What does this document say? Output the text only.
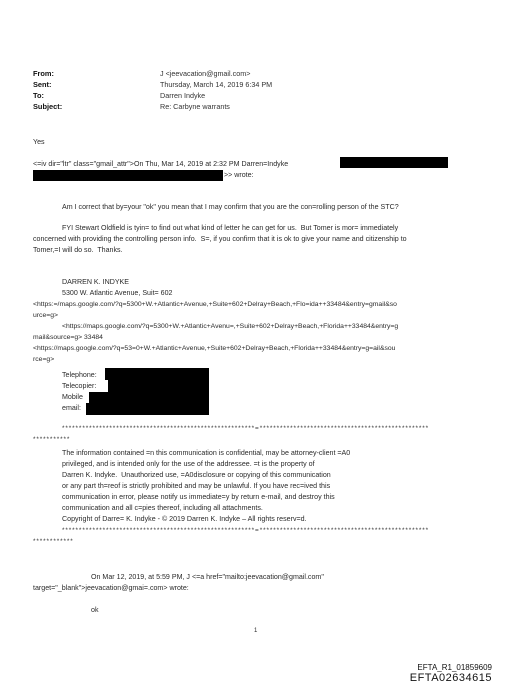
From:	J <jeevacation@gmail.com>
Sent:	Thursday, March 14, 2019 6:34 PM
To:	Darren Indyke
Subject:	Re: Carbyne warrants
Yes
<=iv dir="ltr" class="gmail_attr">On Thu, Mar 14, 2019 at 2:32 PM Darren=Indyke
>> wrote:
Am I correct that by=your "ok" you mean that I may confirm that you are the con=rolling person of the STC?
FYI Stewart Oldfield is tyin= to find out what kind of letter he can get for us.  But Tomer is mor= immediately
concerned with providing the controlling person info.  S=, if you confirm that it is ok to give your name and citizenship to
Tomer,=I will do so.  Thanks.
DARREN K. INDYKE
5300 W. Atlantic Avenue, Suit= 602
<https:=/maps.google.com/?q=5300+W.+Atlantic+Avenue,+Suite+602+Delray+Beach,+Flo=ida++33484&entry=gmail&so
urce=g>
<https://maps.google.com/?q=5300+W.+Atlantic+Avenu=,+Suite+602+Delray+Beach,+Florida++33484&entry=g
mail&source=g> 33484
<https://maps.google.com/?q=53=0+W.+Atlantic+Avenue,+Suite+602+Delray+Beach,+Florida++33484&entry=g=ail&sou
rce=g>
Telephone:
Telecopier:
Mobile
email:
*********************************************************=**************************************************
***********
The information contained =n this communication is confidential, may be attorney-client =A0
privileged, and is intended only for the use of the addressee. =t is the property of
Darren K. Indyke.  Unauthorized use, =A0disclosure or copying of this communication
or any part th=reof is strictly prohibited and may be unlawful. If you have rec=ived this
communication in error, please notify us immediate=y by return e-mail, and destroy this
communication and all c=pies thereof, including all attachments.
Copyright of Darre= K. Indyke - © 2019 Darren K. Indyke – All rights reserv=d.
*********************************************************=**************************************************
************
On Mar 12, 2019, at 5:59 PM, J <=a href="mailto:jeevacation@gmail.com"
target="_blank">jeevacation@gmai=.com> wrote:
ok
1
EFTA_R1_01859609
EFTA02634615
